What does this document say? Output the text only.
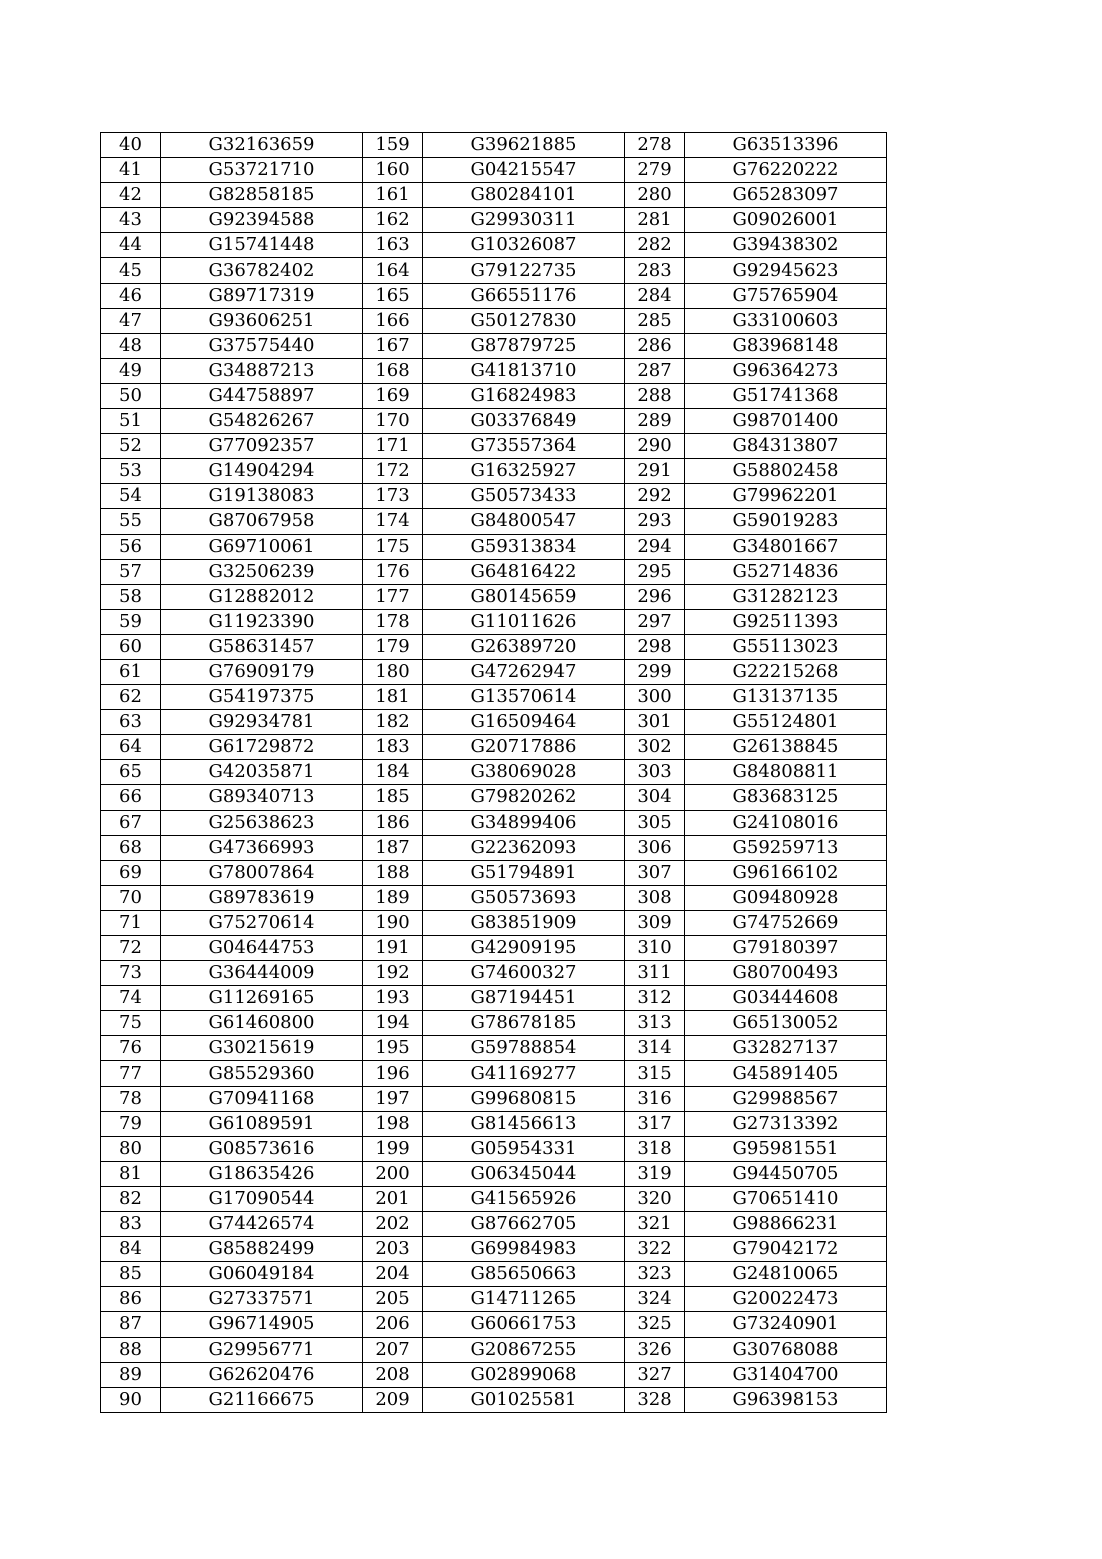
40	G32163659	159	G39621885	278	G63513396
41	G53721710	160	G04215547	279	G76220222
42	G82858185	161	G80284101	280	G65283097
43	G92394588	162	G29930311	281	G09026001
44	G15741448	163	G10326087	282	G39438302
45	G36782402	164	G79122735	283	G92945623
46	G89717319	165	G66551176	284	G75765904
47	G93606251	166	G50127830	285	G33100603
48	G37575440	167	G87879725	286	G83968148
49	G34887213	168	G41813710	287	G96364273
50	G44758897	169	G16824983	288	G51741368
51	G54826267	170	G03376849	289	G98701400
52	G77092357	171	G73557364	290	G84313807
53	G14904294	172	G16325927	291	G58802458
54	G19138083	173	G50573433	292	G79962201
55	G87067958	174	G84800547	293	G59019283
56	G69710061	175	G59313834	294	G34801667
57	G32506239	176	G64816422	295	G52714836
58	G12882012	177	G80145659	296	G31282123
59	G11923390	178	G11011626	297	G92511393
60	G58631457	179	G26389720	298	G55113023
61	G76909179	180	G47262947	299	G22215268
62	G54197375	181	G13570614	300	G13137135
63	G92934781	182	G16509464	301	G55124801
64	G61729872	183	G20717886	302	G26138845
65	G42035871	184	G38069028	303	G84808811
66	G89340713	185	G79820262	304	G83683125
67	G25638623	186	G34899406	305	G24108016
68	G47366993	187	G22362093	306	G59259713
69	G78007864	188	G51794891	307	G96166102
70	G89783619	189	G50573693	308	G09480928
71	G75270614	190	G83851909	309	G74752669
72	G04644753	191	G42909195	310	G79180397
73	G36444009	192	G74600327	311	G80700493
74	G11269165	193	G87194451	312	G03444608
75	G61460800	194	G78678185	313	G65130052
76	G30215619	195	G59788854	314	G32827137
77	G85529360	196	G41169277	315	G45891405
78	G70941168	197	G99680815	316	G29988567
79	G61089591	198	G81456613	317	G27313392
80	G08573616	199	G05954331	318	G95981551
81	G18635426	200	G06345044	319	G94450705
82	G17090544	201	G41565926	320	G70651410
83	G74426574	202	G87662705	321	G98866231
84	G85882499	203	G69984983	322	G79042172
85	G06049184	204	G85650663	323	G24810065
86	G27337571	205	G14711265	324	G20022473
87	G96714905	206	G60661753	325	G73240901
88	G29956771	207	G20867255	326	G30768088
89	G62620476	208	G02899068	327	G31404700
90	G21166675	209	G01025581	328	G96398153
